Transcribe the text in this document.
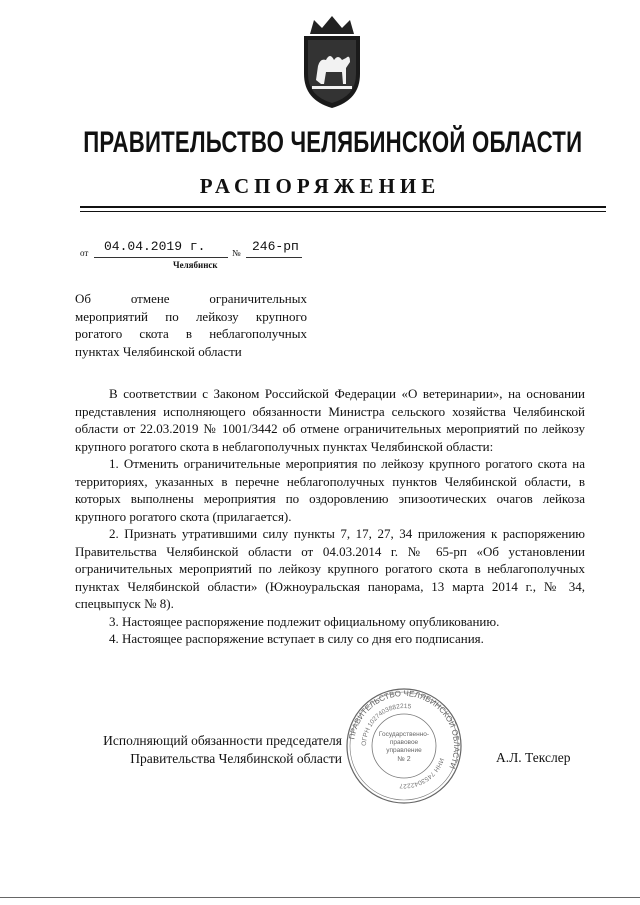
ПРАВИТЕЛЬСТВО ЧЕЛЯБИНСКОЙ ОБЛАСТИ
РАСПОРЯЖЕНИЕ
от 04.04.2019 г.	№ 246-рп
Челябинск
Об отмене ограничительных мероприятий по лейкозу крупного рогатого скота в неблагополучных пунктах Челябинской области

В соответствии с Законом Российской Федерации «О ветеринарии», на основании представления исполняющего обязанности Министра сельского хозяйства Челябинской области от 22.03.2019 № 1001/3442 об отмене ограничительных мероприятий по лейкозу крупного рогатого скота в неблагополучных пунктах Челябинской области:

1. Отменить ограничительные мероприятия по лейкозу крупного рогатого скота на территориях, указанных в перечне неблагополучных пунктов Челябинской области, в которых выполнены мероприятия по оздоровлению эпизоотических очагов лейкоза крупного рогатого скота (прилагается).

2. Признать утратившими силу пункты 7, 17, 27, 34 приложения к распоряжению Правительства Челябинской области от 04.03.2014 г. № 65-рп «Об установлении ограничительных мероприятий по лейкозу крупного рогатого скота в неблагополучных пунктах Челябинской области» (Южноуральская панорама, 13 марта 2014 г., № 34, спецвыпуск № 8).

3. Настоящее распоряжение подлежит официальному опубликованию.

4. Настоящее распоряжение вступает в силу со дня его подписания.

Исполняющий обязанности председателя
Правительства Челябинской области	А.Л. Текслер
ПРАВИТЕЛЬСТВО ЧЕЛЯБИНСКОЙ ОБЛАСТИ
ОГРН 1027403882215
ИНН 7453042227
Государственно-
правовое
управление
№ 2
